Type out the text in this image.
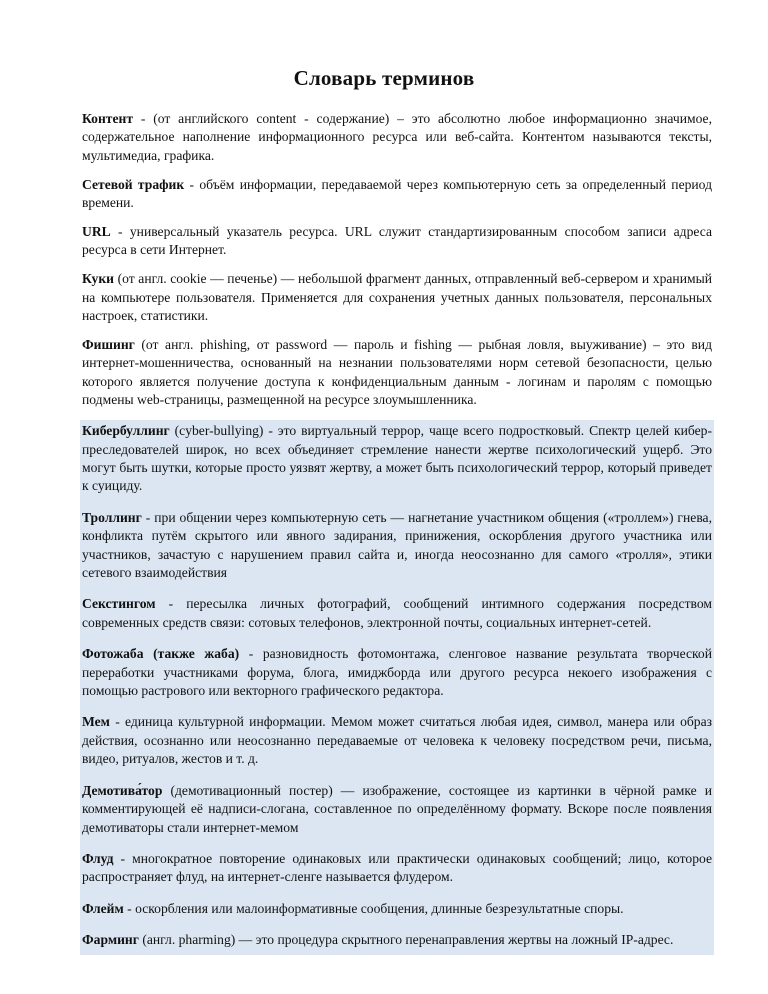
Словарь терминов

Контент - (от английского content - содержание) – это абсолютно любое информационно значимое, содержательное наполнение информационного ресурса или веб-сайта. Контентом называются тексты, мультимедиа, графика.

Сетевой трафик - объём информации, передаваемой через компьютерную сеть за определенный период времени.

URL - универсальный указатель ресурса. URL служит стандартизированным способом записи адреса ресурса в сети Интернет.

Куки (от англ. cookie — печенье) — небольшой фрагмент данных, отправленный веб-сервером и хранимый на компьютере пользователя. Применяется для сохранения учетных данных пользователя, персональных настроек, статистики.

Фишинг (от англ. phishing, от password — пароль и fishing — рыбная ловля, выуживание) – это вид интернет-мошенничества, основанный на незнании пользователями норм сетевой безопасности, целью которого является получение доступа к конфиденциальным данным - логинам и паролям с помощью подмены web-страницы, размещенной на ресурсе злоумышленника.

Кибербуллинг (cyber-bullying) - это виртуальный террор, чаще всего подростковый. Спектр целей кибер-преследователей широк, но всех объединяет стремление нанести жертве психологический ущерб. Это могут быть шутки, которые просто уязвят жертву, а может быть психологический террор, который приведет к суициду.

Троллинг - при общении через компьютерную сеть — нагнетание участником общения («троллем») гнева, конфликта путём скрытого или явного задирания, принижения, оскорбления другого участника или участников, зачастую с нарушением правил сайта и, иногда неосознанно для самого «тролля», этики сетевого взаимодействия

Секстингом - пересылка личных фотографий, сообщений интимного содержания посредством современных средств связи: сотовых телефонов, электронной почты, социальных интернет-сетей.

Фотожаба (также жаба) - разновидность фотомонтажа, сленговое название результата творческой переработки участниками форума, блога, имиджборда или другого ресурса некоего изображения с помощью растрового или векторного графического редактора.

Мем - единица культурной информации. Мемом может считаться любая идея, символ, манера или образ действия, осознанно или неосознанно передаваемые от человека к человеку посредством речи, письма, видео, ритуалов, жестов и т. д.

Демотива́тор (демотивационный постер) — изображение, состоящее из картинки в чёрной рамке и комментирующей её надписи-слогана, составленное по определённому формату. Вскоре после появления демотиваторы стали интернет-мемом

Флуд - многократное повторение одинаковых или практически одинаковых сообщений; лицо, которое распространяет флуд, на интернет-сленге называется флудером.

Флейм - оскорбления или малоинформативные сообщения, длинные безрезультатные споры.

Фарминг (англ. pharming) — это процедура скрытного перенаправления жертвы на ложный IP-адрес.
